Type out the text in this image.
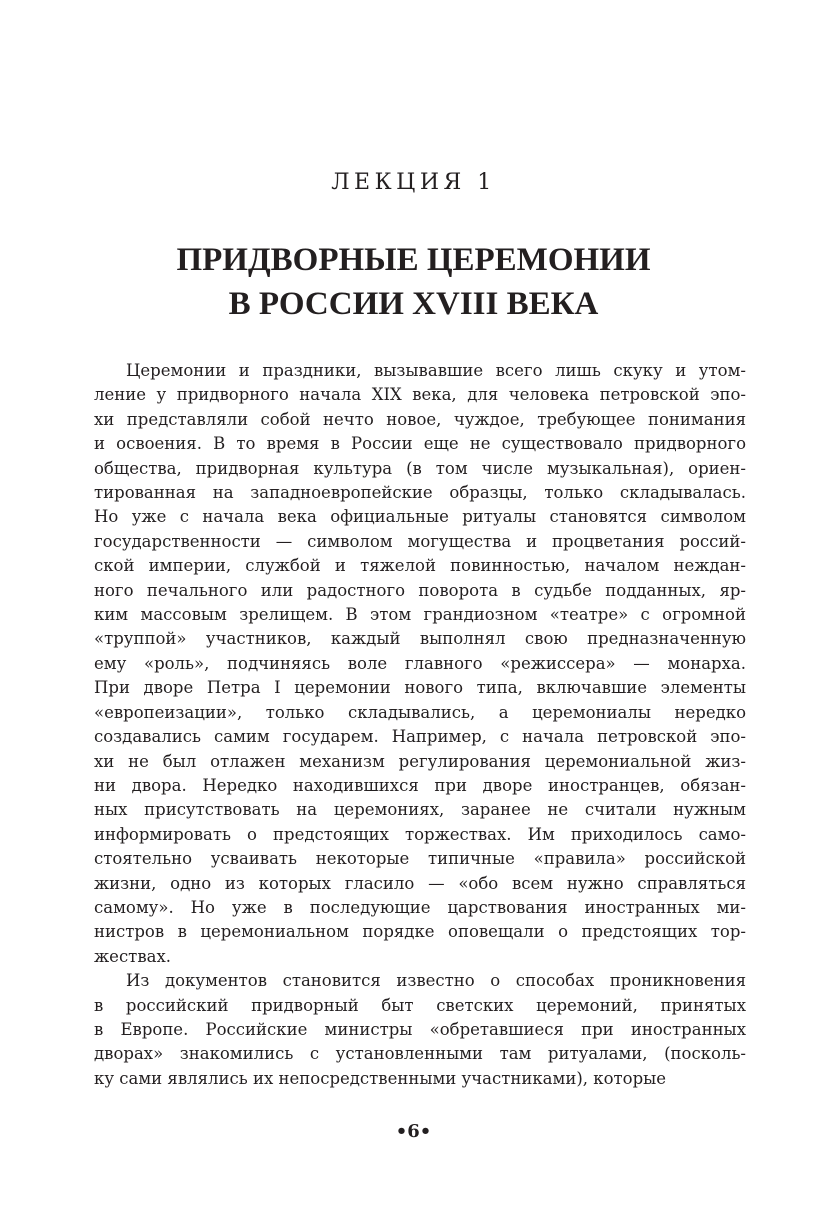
ЛЕКЦИЯ 1
ПРИДВОРНЫЕ ЦЕРЕМОНИИ
В РОССИИ XVIII ВЕКА
Церемонии и праздники, вызывавшие всего лишь скуку и утом-
ление у придворного начала XIX века, для человека петровской эпо-
хи представляли собой нечто новое, чуждое, требующее понимания
и освоения. В то время в России еще не существовало придворного
общества, придворная культура (в том числе музыкальная), ориен-
тированная на западноевропейские образцы, только складывалась.
Но уже с начала века официальные ритуалы становятся символом
государственности — символом могущества и процветания россий-
ской империи, службой и тяжелой повинностью, началом неждан-
ного печального или радостного поворота в судьбе подданных, яр-
ким массовым зрелищем. В этом грандиозном «театре» с огромной
«труппой» участников, каждый выполнял свою предназначенную
ему «роль», подчиняясь воле главного «режиссера» — монарха.
При дворе Петра I церемонии нового типа, включавшие элементы
«европеизации», только складывались, а церемониалы нередко
создавались самим государем. Например, с начала петровской эпо-
хи не был отлажен механизм регулирования церемониальной жиз-
ни двора. Нередко находившихся при дворе иностранцев, обязан-
ных присутствовать на церемониях, заранее не считали нужным
информировать о предстоящих торжествах. Им приходилось само-
стоятельно усваивать некоторые типичные «правила» российской
жизни, одно из которых гласило — «обо всем нужно справляться
самому». Но уже в последующие царствования иностранных ми-
нистров в церемониальном порядке оповещали о предстоящих тор-
жествах.
Из документов становится известно о способах проникновения
в российский придворный быт светских церемоний, принятых
в Европе. Российские министры «обретавшиеся при иностранных
дворах» знакомились с установленными там ритуалами, (посколь-
ку сами являлись их непосредственными участниками), которые
•6•
